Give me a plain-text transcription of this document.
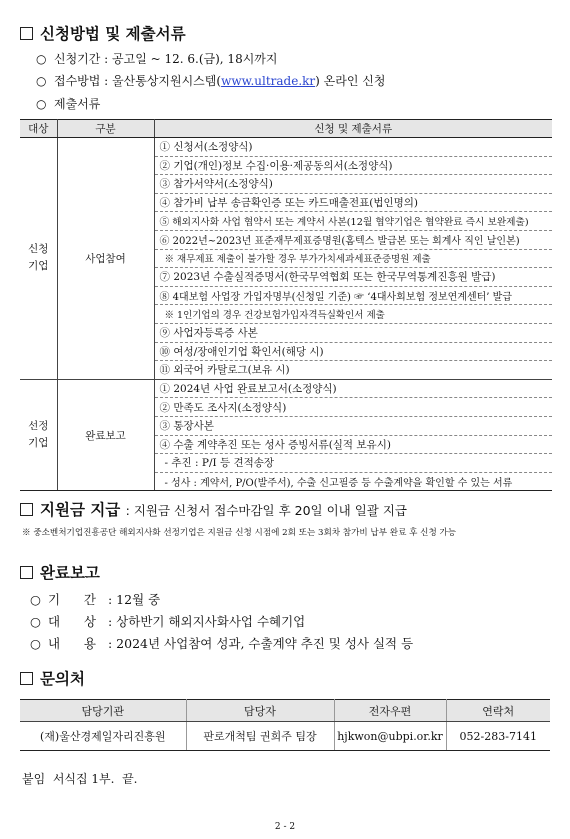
신청방법 및 제출서류
○ 신청기간 : 공고일 ~ 12. 6.(금), 18시까지
○ 접수방법 : 울산통상지원시스템(www.ultrade.kr) 온라인 신청
○ 제출서류
대상	구분	신청 및 제출서류
신청
기업	사업참여	① 신청서(소정양식)
		② 기업(개인)정보 수집·이용·제공동의서(소정양식)
		③ 참가서약서(소정양식)
		④ 참가비 납부 송금확인증 또는 카드매출전표(법인명의)
		⑤ 해외지사화 사업 협약서 또는 계약서 사본(12월 협약기업은 협약완료 즉시 보완제출)
		⑥ 2022년~2023년 표준재무제표증명원(홈텍스 발급본 또는 회계사 직인 날인본)
		※ 재무제표 제출이 불가할 경우 부가가치세과세표준증명원 제출
		⑦ 2023년 수출실적증명서(한국무역협회 또는 한국무역통계진흥원 발급)
		⑧ 4대보험 사업장 가입자명부(신청일 기준) ☞ ‘4대사회보험 정보연계센터’ 발급
		※ 1인기업의 경우 건강보험가입자격득실확인서 제출
		⑨ 사업자등록증 사본
		⑩ 여성/장애인기업 확인서(해당 시)
		⑪ 외국어 카탈로그(보유 시)
선정
기업	완료보고	① 2024년 사업 완료보고서(소정양식)
		② 만족도 조사지(소정양식)
		③ 통장사본
		④ 수출 계약추진 또는 성사 증빙서류(실적 보유시)
		- 추진 : P/I 등 견적송장
		- 성사 : 계약서, P/O(발주서), 수출 신고필증 등 수출계약을 확인할 수 있는 서류
지원금 지급 : 지원금 신청서 접수마감일 후 20일 이내 일괄 지급
※ 중소벤처기업진흥공단 해외지사화 선정기업은 지원금 신청 시점에 2회 또는 3회차 참가비 납부 완료 후 신청 가능
완료보고
○ 기      간 : 12월 중
○ 대      상 : 상하반기 해외지사화사업 수혜기업
○ 내      용 : 2024년 사업참여 성과, 수출계약 추진 및 성사 실적 등
문의처
담당기관	담당자	전자우편	연락처
(재)울산경제일자리진흥원	판로개척팀 권희주 팀장	hjkwon@ubpi.or.kr	052-283-7141
붙임  서식집 1부.  끝.
2 - 2
